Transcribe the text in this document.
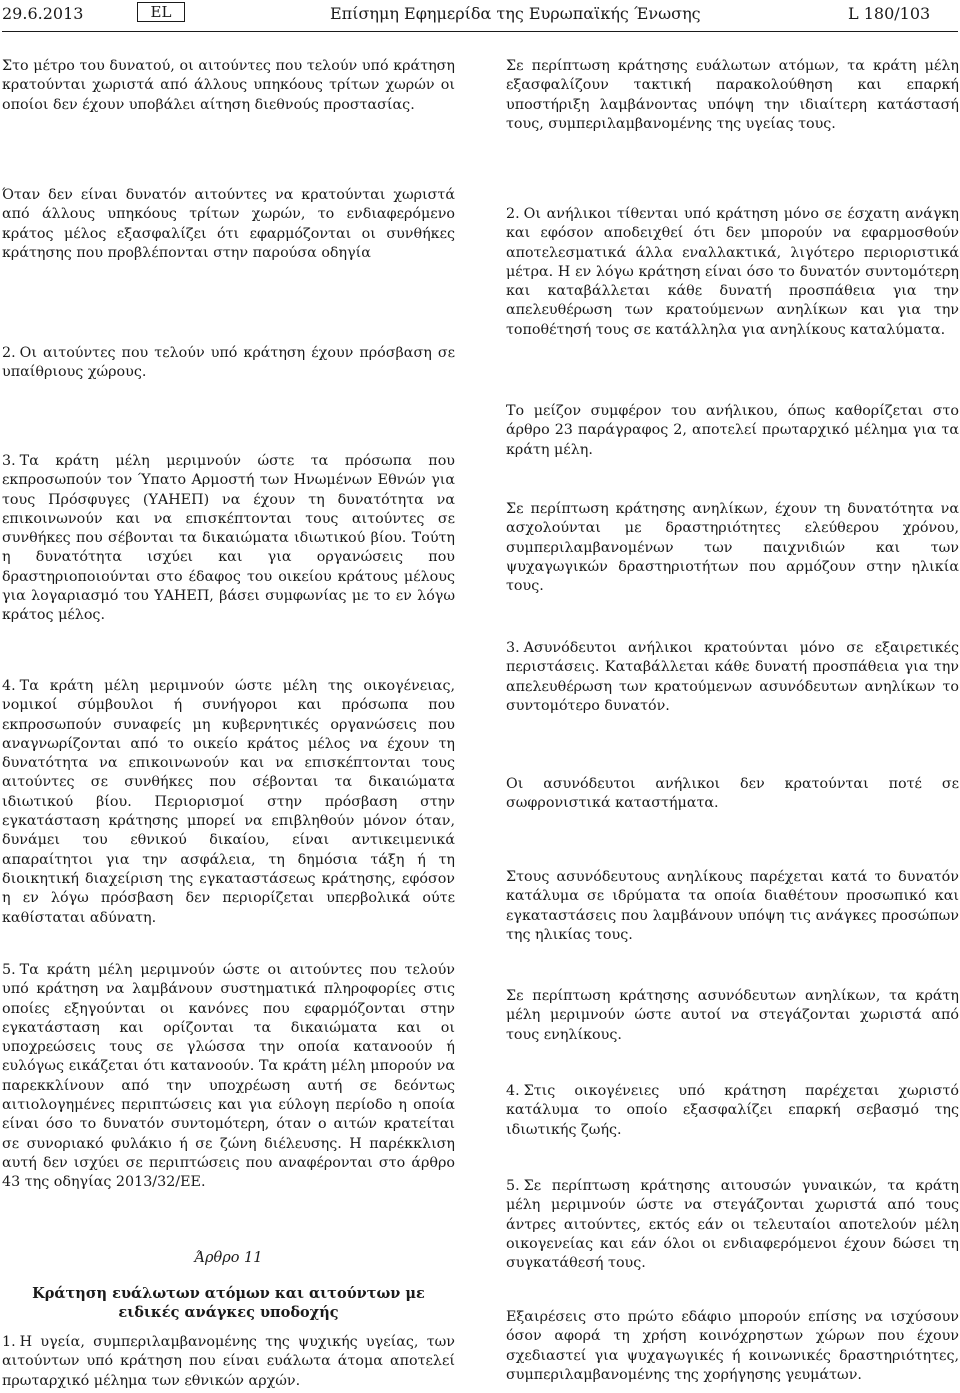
29.6.2013	EL	Επίσημη Εφημερίδα της Ευρωπαϊκής Ένωσης	L 180/103

Στο μέτρο του δυνατού, οι αιτούντες που τελούν υπό κράτηση κρατούνται χωριστά από άλλους υπηκόους τρίτων χωρών οι οποίοι δεν έχουν υποβάλει αίτηση διεθνούς προστασίας.

Όταν δεν είναι δυνατόν αιτούντες να κρατούνται χωριστά από άλλους υπηκόους τρίτων χωρών, το ενδιαφερόμενο κράτος μέλος εξασφαλίζει ότι εφαρμόζονται οι συνθήκες κράτησης που προβλέπονται στην παρούσα οδηγία

2. Οι αιτούντες που τελούν υπό κράτηση έχουν πρόσβαση σε υπαίθριους χώρους.

3. Τα κράτη μέλη μεριμνούν ώστε τα πρόσωπα που εκπροσωπούν τον Ύπατο Αρμοστή των Ηνωμένων Εθνών για τους Πρόσφυγες (ΥΑΗΕΠ) να έχουν τη δυνατότητα να επικοινωνούν και να επισκέπτονται τους αιτούντες σε συνθήκες που σέβονται τα δικαιώματα ιδιωτικού βίου. Τούτη η δυνατότητα ισχύει και για οργανώσεις που δραστηριοποιούνται στο έδαφος του οικείου κράτους μέλους για λογαριασμό του ΥΑΗΕΠ, βάσει συμφωνίας με το εν λόγω κράτος μέλος.

4. Τα κράτη μέλη μεριμνούν ώστε μέλη της οικογένειας, νομικοί σύμβουλοι ή συνήγοροι και πρόσωπα που εκπροσωπούν συναφείς μη κυβερνητικές οργανώσεις που αναγνωρίζονται από το οικείο κράτος μέλος να έχουν τη δυνατότητα να επικοινωνούν και να επισκέπτονται τους αιτούντες σε συνθήκες που σέβονται τα δικαιώματα ιδιωτικού βίου. Περιορισμοί στην πρόσβαση στην εγκατάσταση κράτησης μπορεί να επιβληθούν μόνον όταν, δυνάμει του εθνικού δικαίου, είναι αντικειμενικά απαραίτητοι για την ασφάλεια, τη δημόσια τάξη ή τη διοικητική διαχείριση της εγκαταστάσεως κράτησης, εφόσον η εν λόγω πρόσβαση δεν περιορίζεται υπερβολικά ούτε καθίσταται αδύνατη.

5. Τα κράτη μέλη μεριμνούν ώστε οι αιτούντες που τελούν υπό κράτηση να λαμβάνουν συστηματικά πληροφορίες στις οποίες εξηγούνται οι κανόνες που εφαρμόζονται στην εγκατάσταση και ορίζονται τα δικαιώματα και οι υποχρεώσεις τους σε γλώσσα την οποία κατανοούν ή ευλόγως εικάζεται ότι κατανοούν. Τα κράτη μέλη μπορούν να παρεκκλίνουν από την υποχρέωση αυτή σε δεόντως αιτιολογημένες περιπτώσεις και για εύλογη περίοδο η οποία είναι όσο το δυνατόν συντομότερη, όταν ο αιτών κρατείται σε συνοριακό φυλάκιο ή σε ζώνη διέλευσης. Η παρέκκλιση αυτή δεν ισχύει σε περιπτώσεις που αναφέρονται στο άρθρο 43 της οδηγίας 2013/32/ΕΕ.

Άρθρο 11
Κράτηση ευάλωτων ατόμων και αιτούντων με ειδικές ανάγκες υποδοχής

1. Η υγεία, συμπεριλαμβανομένης της ψυχικής υγείας, των αιτούντων υπό κράτηση που είναι ευάλωτα άτομα αποτελεί πρωταρχικό μέλημα των εθνικών αρχών.

Σε περίπτωση κράτησης ευάλωτων ατόμων, τα κράτη μέλη εξασφαλίζουν τακτική παρακολούθηση και επαρκή υποστήριξη λαμβάνοντας υπόψη την ιδιαίτερη κατάστασή τους, συμπεριλαμβανομένης της υγείας τους.

2. Οι ανήλικοι τίθενται υπό κράτηση μόνο σε έσχατη ανάγκη και εφόσον αποδειχθεί ότι δεν μπορούν να εφαρμοσθούν αποτελεσματικά άλλα εναλλακτικά, λιγότερο περιοριστικά μέτρα. Η εν λόγω κράτηση είναι όσο το δυνατόν συντομότερη και καταβάλλεται κάθε δυνατή προσπάθεια για την απελευθέρωση των κρατούμενων ανηλίκων και για την τοποθέτησή τους σε κατάλληλα για ανηλίκους καταλύματα.

Το μείζον συμφέρον του ανήλικου, όπως καθορίζεται στο άρθρο 23 παράγραφος 2, αποτελεί πρωταρχικό μέλημα για τα κράτη μέλη.

Σε περίπτωση κράτησης ανηλίκων, έχουν τη δυνατότητα να ασχολούνται με δραστηριότητες ελεύθερου χρόνου, συμπεριλαμβανομένων των παιχνιδιών και των ψυχαγωγικών δραστηριοτήτων που αρμόζουν στην ηλικία τους.

3. Ασυνόδευτοι ανήλικοι κρατούνται μόνο σε εξαιρετικές περιστάσεις. Καταβάλλεται κάθε δυνατή προσπάθεια για την απελευθέρωση των κρατούμενων ασυνόδευτων ανηλίκων το συντομότερο δυνατόν.

Οι ασυνόδευτοι ανήλικοι δεν κρατούνται ποτέ σε σωφρονιστικά καταστήματα.

Στους ασυνόδευτους ανηλίκους παρέχεται κατά το δυνατόν κατάλυμα σε ιδρύματα τα οποία διαθέτουν προσωπικό και εγκαταστάσεις που λαμβάνουν υπόψη τις ανάγκες προσώπων της ηλικίας τους.

Σε περίπτωση κράτησης ασυνόδευτων ανηλίκων, τα κράτη μέλη μεριμνούν ώστε αυτοί να στεγάζονται χωριστά από τους ενηλίκους.

4. Στις οικογένειες υπό κράτηση παρέχεται χωριστό κατάλυμα το οποίο εξασφαλίζει επαρκή σεβασμό της ιδιωτικής ζωής.

5. Σε περίπτωση κράτησης αιτουσών γυναικών, τα κράτη μέλη μεριμνούν ώστε να στεγάζονται χωριστά από τους άντρες αιτούντες, εκτός εάν οι τελευταίοι αποτελούν μέλη οικογενείας και εάν όλοι οι ενδιαφερόμενοι έχουν δώσει τη συγκατάθεσή τους.

Εξαιρέσεις στο πρώτο εδάφιο μπορούν επίσης να ισχύσουν όσον αφορά τη χρήση κοινόχρηστων χώρων που έχουν σχεδιαστεί για ψυχαγωγικές ή κοινωνικές δραστηριότητες, συμπεριλαμβανομένης της χορήγησης γευμάτων.
